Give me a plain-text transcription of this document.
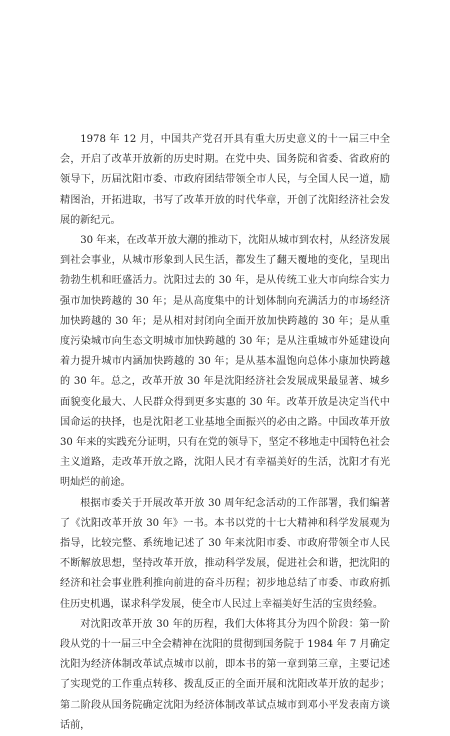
1978 年 12 月，中国共产党召开具有重大历史意义的十一届三中全会，开启了改革开放新的历史时期。在党中央、国务院和省委、省政府的领导下，历届沈阳市委、市政府团结带领全市人民，与全国人民一道，励精图治，开拓进取，书写了改革开放的时代华章，开创了沈阳经济社会发展的新纪元。

30 年来，在改革开放大潮的推动下，沈阳从城市到农村，从经济发展到社会事业，从城市形象到人民生活，都发生了翻天覆地的变化，呈现出勃勃生机和旺盛活力。沈阳过去的 30 年，是从传统工业大市向综合实力强市加快跨越的 30 年；是从高度集中的计划体制向充满活力的市场经济加快跨越的 30 年；是从相对封闭向全面开放加快跨越的 30 年；是从重度污染城市向生态文明城市加快跨越的 30 年；是从注重城市外延建设向着力提升城市内涵加快跨越的 30 年；是从基本温饱向总体小康加快跨越的 30 年。总之，改革开放 30 年是沈阳经济社会发展成果最显著、城乡面貌变化最大、人民群众得到更多实惠的 30 年。改革开放是决定当代中国命运的抉择，也是沈阳老工业基地全面振兴的必由之路。中国改革开放 30 年来的实践充分证明，只有在党的领导下，坚定不移地走中国特色社会主义道路，走改革开放之路，沈阳人民才有幸福美好的生活，沈阳才有光明灿烂的前途。

根据市委关于开展改革开放 30 周年纪念活动的工作部署，我们编著了《沈阳改革开放 30 年》一书。本书以党的十七大精神和科学发展观为指导，比较完整、系统地记述了 30 年来沈阳市委、市政府带领全市人民不断解放思想，坚持改革开放，推动科学发展，促进社会和谐，把沈阳的经济和社会事业胜利推向前进的奋斗历程；初步地总结了市委、市政府抓住历史机遇，谋求科学发展，使全市人民过上幸福美好生活的宝贵经验。

对沈阳改革开放 30 年的历程，我们大体将其分为四个阶段：第一阶段从党的十一届三中全会精神在沈阳的贯彻到国务院于 1984 年 7 月确定沈阳为经济体制改革试点城市以前，即本书的第一章到第三章，主要记述了实现党的工作重点转移、拨乱反正的全面开展和沈阳改革开放的起步；第二阶段从国务院确定沈阳为经济体制改革试点城市到邓小平发表南方谈话前，
